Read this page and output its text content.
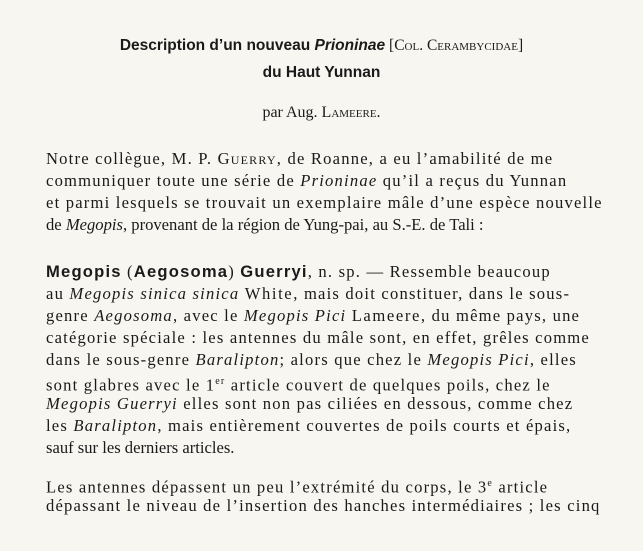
Description d’un nouveau Prioninae [Col. Cerambycidae]
du Haut Yunnan
par Aug. Lameere.
Notre collègue, M. P. Guerry, de Roanne, a eu l’amabilité de me
communiquer toute une série de Prioninae qu’il a reçus du Yunnan
et parmi lesquels se trouvait un exemplaire mâle d’une espèce nouvelle
de Megopis, provenant de la région de Yung-pai, au S.-E. de Tali :
Megopis (Aegosoma) Guerryi, n. sp. — Ressemble beaucoup
au Megopis sinica sinica White, mais doit constituer, dans le sous-
genre Aegosoma, avec le Megopis Pici Lameere, du même pays, une
catégorie spéciale : les antennes du mâle sont, en effet, grêles comme
dans le sous-genre Baralipton; alors que chez le Megopis Pici, elles
sont glabres avec le 1er article couvert de quelques poils, chez le
Megopis Guerryi elles sont non pas ciliées en dessous, comme chez
les Baralipton, mais entièrement couvertes de poils courts et épais,
sauf sur les derniers articles.
Les antennes dépassent un peu l’extrémité du corps, le 3e article
dépassant le niveau de l’insertion des hanches intermédiaires ; les cinq
